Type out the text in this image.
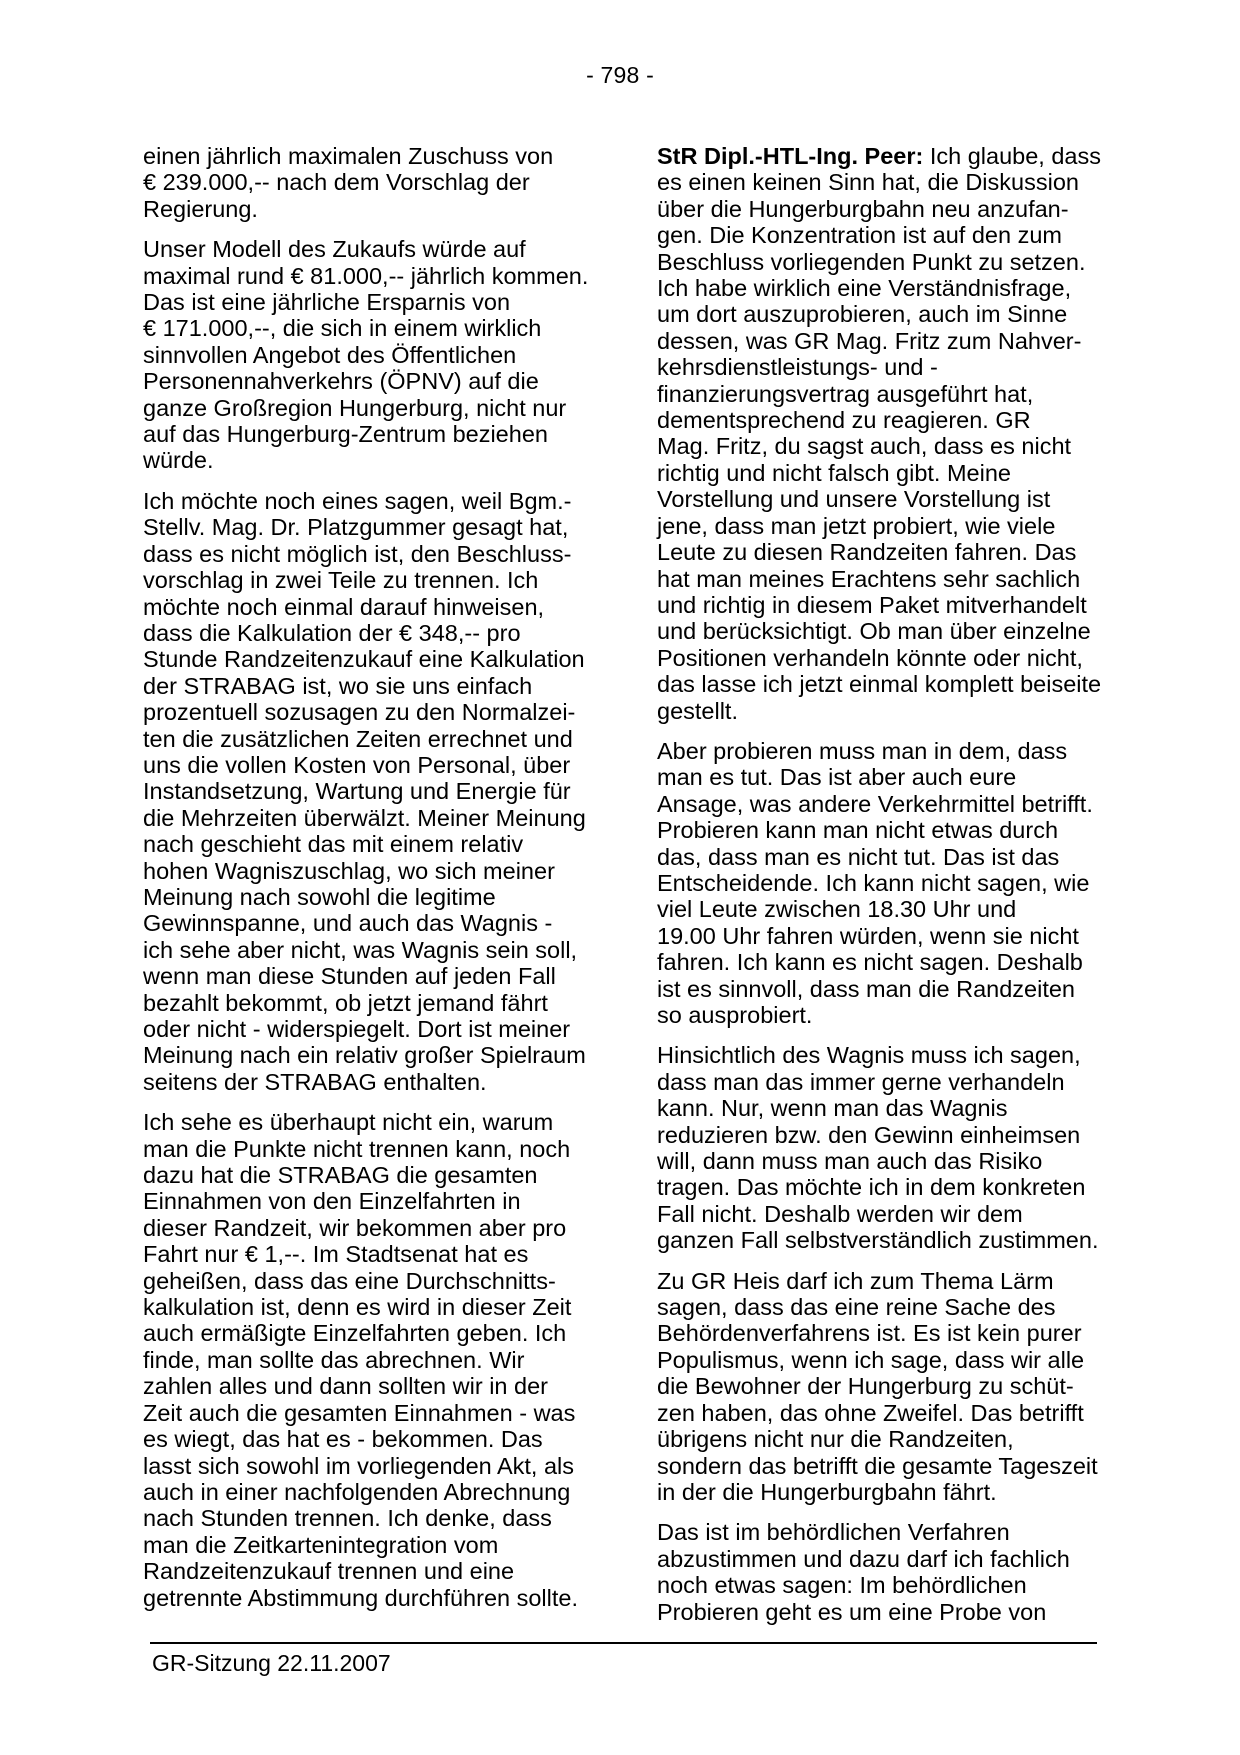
- 798 -

einen jährlich maximalen Zuschuss von
€ 239.000,-- nach dem Vorschlag der
Regierung.

Unser Modell des Zukaufs würde auf
maximal rund € 81.000,-- jährlich kommen.
Das ist eine jährliche Ersparnis von
€ 171.000,--, die sich in einem wirklich
sinnvollen Angebot des Öffentlichen
Personennahverkehrs (ÖPNV) auf die
ganze Großregion Hungerburg, nicht nur
auf das Hungerburg-Zentrum beziehen
würde.

Ich möchte noch eines sagen, weil Bgm.-
Stellv. Mag. Dr. Platzgummer gesagt hat,
dass es nicht möglich ist, den Beschluss-
vorschlag in zwei Teile zu trennen. Ich
möchte noch einmal darauf hinweisen,
dass die Kalkulation der € 348,-- pro
Stunde Randzeitenzukauf eine Kalkulation
der STRABAG ist, wo sie uns einfach
prozentuell sozusagen zu den Normalzei-
ten die zusätzlichen Zeiten errechnet und
uns die vollen Kosten von Personal, über
Instandsetzung, Wartung und Energie für
die Mehrzeiten überwälzt. Meiner Meinung
nach geschieht das mit einem relativ
hohen Wagniszuschlag, wo sich meiner
Meinung nach sowohl die legitime
Gewinnspanne, und auch das Wagnis -
ich sehe aber nicht, was Wagnis sein soll,
wenn man diese Stunden auf jeden Fall
bezahlt bekommt, ob jetzt jemand fährt
oder nicht - widerspiegelt. Dort ist meiner
Meinung nach ein relativ großer Spielraum
seitens der STRABAG enthalten.

Ich sehe es überhaupt nicht ein, warum
man die Punkte nicht trennen kann, noch
dazu hat die STRABAG die gesamten
Einnahmen von den Einzelfahrten in
dieser Randzeit, wir bekommen aber pro
Fahrt nur € 1,--. Im Stadtsenat hat es
geheißen, dass das eine Durchschnitts-
kalkulation ist, denn es wird in dieser Zeit
auch ermäßigte Einzelfahrten geben. Ich
finde, man sollte das abrechnen. Wir
zahlen alles und dann sollten wir in der
Zeit auch die gesamten Einnahmen - was
es wiegt, das hat es - bekommen. Das
lasst sich sowohl im vorliegenden Akt, als
auch in einer nachfolgenden Abrechnung
nach Stunden trennen. Ich denke, dass
man die Zeitkartenintegration vom
Randzeitenzukauf trennen und eine
getrennte Abstimmung durchführen sollte.

StR Dipl.-HTL-Ing. Peer: Ich glaube, dass
es einen keinen Sinn hat, die Diskussion
über die Hungerburgbahn neu anzufan-
gen. Die Konzentration ist auf den zum
Beschluss vorliegenden Punkt zu setzen.
Ich habe wirklich eine Verständnisfrage,
um dort auszuprobieren, auch im Sinne
dessen, was GR Mag. Fritz zum Nahver-
kehrsdienstleistungs- und -
finanzierungsvertrag ausgeführt hat,
dementsprechend zu reagieren. GR
Mag. Fritz, du sagst auch, dass es nicht
richtig und nicht falsch gibt. Meine
Vorstellung und unsere Vorstellung ist
jene, dass man jetzt probiert, wie viele
Leute zu diesen Randzeiten fahren. Das
hat man meines Erachtens sehr sachlich
und richtig in diesem Paket mitverhandelt
und berücksichtigt. Ob man über einzelne
Positionen verhandeln könnte oder nicht,
das lasse ich jetzt einmal komplett beiseite
gestellt.

Aber probieren muss man in dem, dass
man es tut. Das ist aber auch eure
Ansage, was andere Verkehrmittel betrifft.
Probieren kann man nicht etwas durch
das, dass man es nicht tut. Das ist das
Entscheidende. Ich kann nicht sagen, wie
viel Leute zwischen 18.30 Uhr und
19.00 Uhr fahren würden, wenn sie nicht
fahren. Ich kann es nicht sagen. Deshalb
ist es sinnvoll, dass man die Randzeiten
so ausprobiert.

Hinsichtlich des Wagnis muss ich sagen,
dass man das immer gerne verhandeln
kann. Nur, wenn man das Wagnis
reduzieren bzw. den Gewinn einheimsen
will, dann muss man auch das Risiko
tragen. Das möchte ich in dem konkreten
Fall nicht. Deshalb werden wir dem
ganzen Fall selbstverständlich zustimmen.

Zu GR Heis darf ich zum Thema Lärm
sagen, dass das eine reine Sache des
Behördenverfahrens ist. Es ist kein purer
Populismus, wenn ich sage, dass wir alle
die Bewohner der Hungerburg zu schüt-
zen haben, das ohne Zweifel. Das betrifft
übrigens nicht nur die Randzeiten,
sondern das betrifft die gesamte Tageszeit
in der die Hungerburgbahn fährt.

Das ist im behördlichen Verfahren
abzustimmen und dazu darf ich fachlich
noch etwas sagen: Im behördlichen
Probieren geht es um eine Probe von

GR-Sitzung 22.11.2007
